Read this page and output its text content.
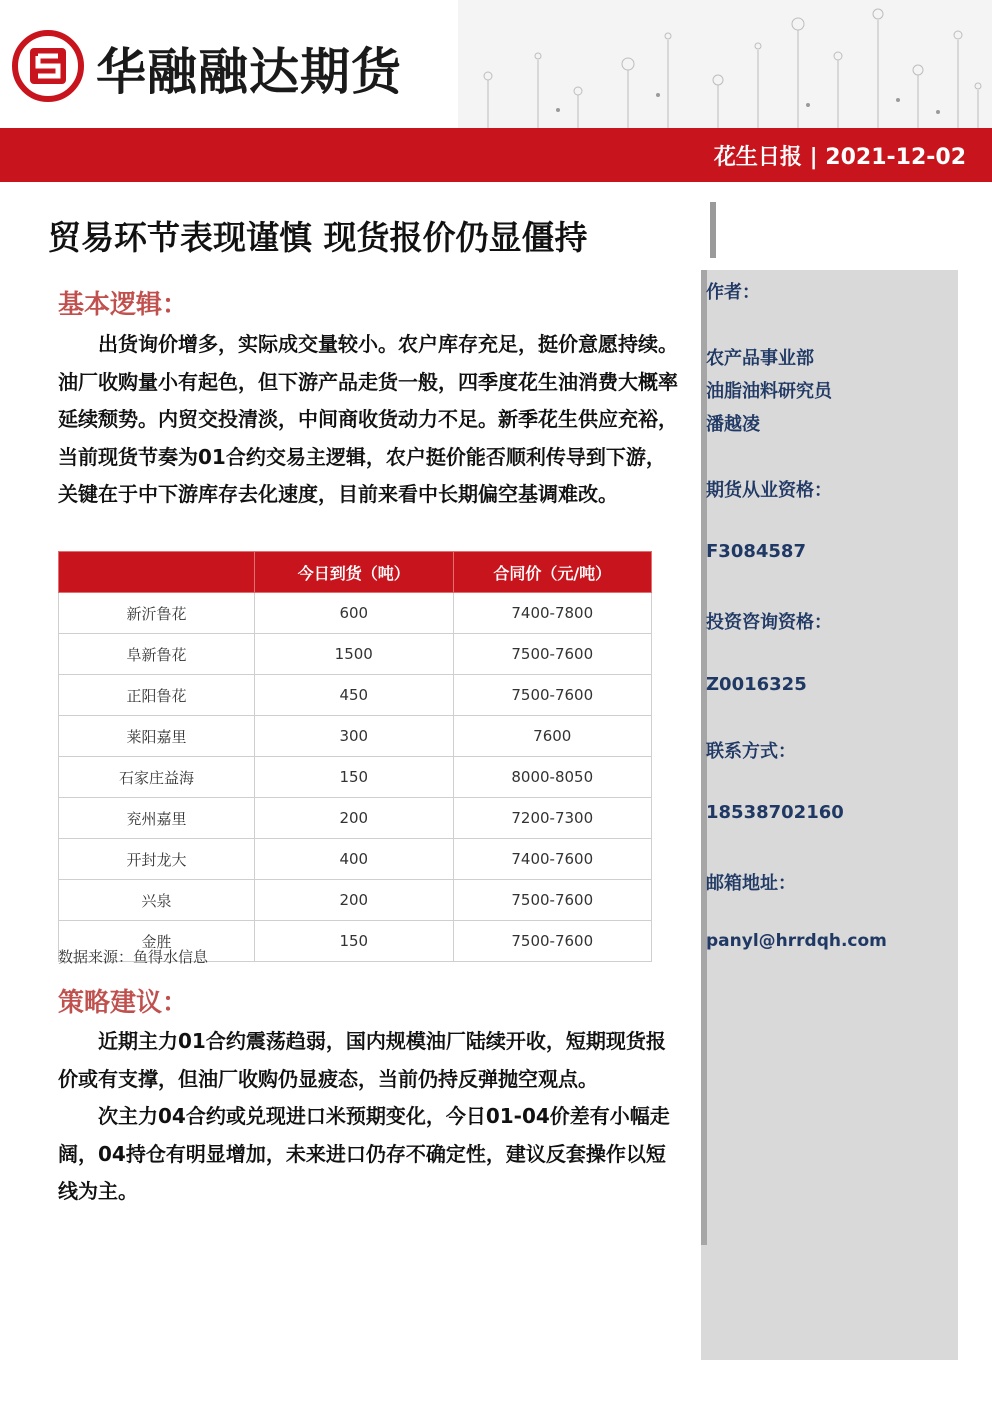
华融融达期货
花生日报 | 2021-12-02
贸易环节表现谨慎 现货报价仍显僵持
作者：
农产品事业部
油脂油料研究员
潘越凌
期货从业资格：
F3084587
投资咨询资格：
Z0016325
联系方式：
18538702160
邮箱地址：
panyl@hrrdqh.com
基本逻辑：

出货询价增多，实际成交量较小。农户库存充足，挺价意愿持续。油厂收购量小有起色，但下游产品走货一般，四季度花生油消费大概率延续颓势。内贸交投清淡，中间商收货动力不足。新季花生供应充裕，当前现货节奏为01合约交易主逻辑，农户挺价能否顺利传导到下游，关键在于中下游库存去化速度，目前来看中长期偏空基调难改。

	今日到货（吨）	合同价（元/吨）
新沂鲁花	600	7400-7800
阜新鲁花	1500	7500-7600
正阳鲁花	450	7500-7600
莱阳嘉里	300	7600
石家庄益海	150	8000-8050
兖州嘉里	200	7200-7300
开封龙大	400	7400-7600
兴泉	200	7500-7600
金胜	150	7500-7600
数据来源：鱼得水信息
策略建议：

近期主力01合约震荡趋弱，国内规模油厂陆续开收，短期现货报价或有支撑，但油厂收购仍显疲态，当前仍持反弹抛空观点。

次主力04合约或兑现进口米预期变化，今日01-04价差有小幅走阔，04持仓有明显增加，未来进口仍存不确定性，建议反套操作以短线为主。
